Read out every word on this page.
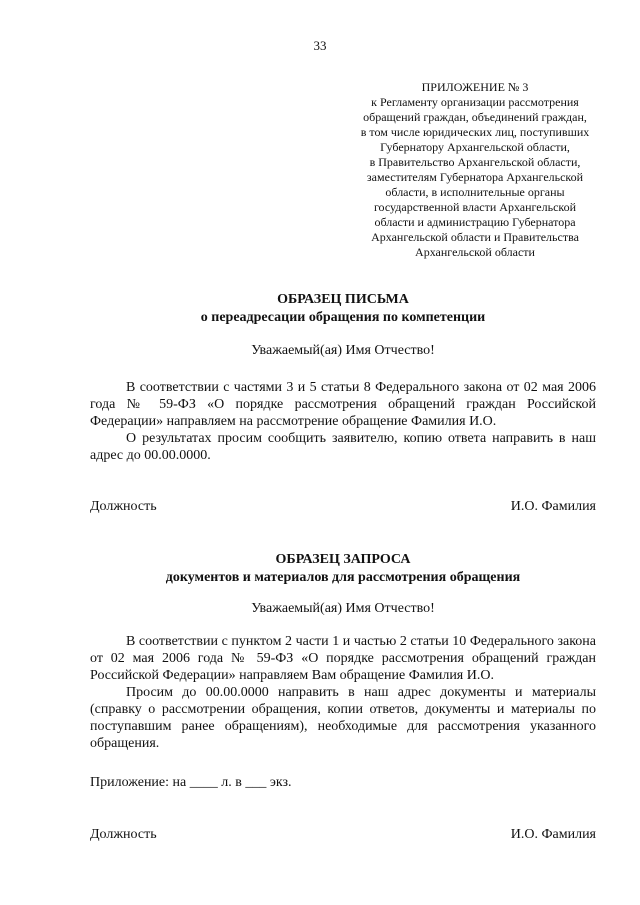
33
ПРИЛОЖЕНИЕ № 3
к Регламенту организации рассмотрения
обращений граждан, объединений граждан,
в том числе юридических лиц, поступивших
Губернатору Архангельской области,
в Правительство Архангельской области,
заместителям Губернатора Архангельской
области, в исполнительные органы
государственной власти Архангельской
области и администрацию Губернатора
Архангельской области и Правительства
Архангельской области
ОБРАЗЕЦ ПИСЬМА
о переадресации обращения по компетенции
Уважаемый(ая) Имя Отчество!

В соответствии с частями 3 и 5 статьи 8 Федерального закона от 02 мая 2006 года № 59-ФЗ «О порядке рассмотрения обращений граждан Российской Федерации» направляем на рассмотрение обращение Фамилия И.О.

О результатах просим сообщить заявителю, копию ответа направить в наш адрес до 00.00.0000.

Должность	И.О. Фамилия
ОБРАЗЕЦ ЗАПРОСА
документов и материалов для рассмотрения обращения
Уважаемый(ая) Имя Отчество!

В соответствии с пунктом 2 части 1 и частью 2 статьи 10 Федерального закона от 02 мая 2006 года № 59-ФЗ «О порядке рассмотрения обращений граждан Российской Федерации» направляем Вам обращение Фамилия И.О.

Просим до 00.00.0000 направить в наш адрес документы и материалы (справку о рассмотрении обращения, копии ответов, документы и материалы по поступавшим ранее обращениям), необходимые для рассмотрения указанного обращения.

Приложение: на ____ л. в ___ экз.
Должность	И.О. Фамилия
